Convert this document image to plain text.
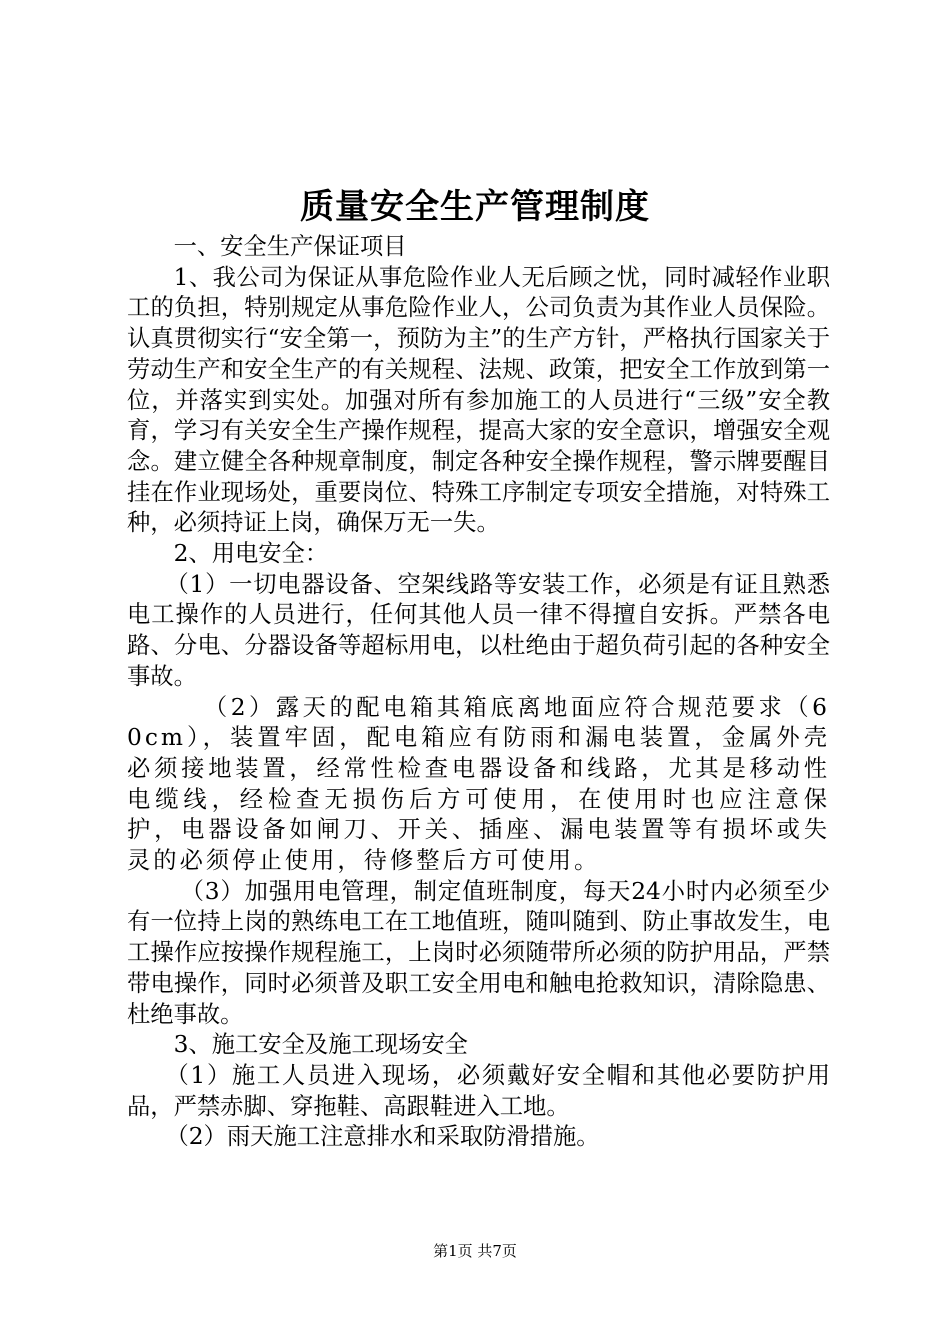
质量安全生产管理制度

一、安全生产保证项目

1、我公司为保证从事危险作业人无后顾之忧，同时减轻作业职工的负担，特别规定从事危险作业人，公司负责为其作业人员保险。认真贯彻实行“安全第一，预防为主”的生产方针，严格执行国家关于劳动生产和安全生产的有关规程、法规、政策，把安全工作放到第一位，并落实到实处。加强对所有参加施工的人员进行“三级”安全教育，学习有关安全生产操作规程，提高大家的安全意识，增强安全观念。建立健全各种规章制度，制定各种安全操作规程，警示牌要醒目挂在作业现场处，重要岗位、特殊工序制定专项安全措施，对特殊工种，必须持证上岗，确保万无一失。

2、用电安全：

（1）一切电器设备、空架线路等安装工作，必须是有证且熟悉电工操作的人员进行，任何其他人员一律不得擅自安拆。严禁各电路、分电、分器设备等超标用电，以杜绝由于超负荷引起的各种安全事故。

（2）露天的配电箱其箱底离地面应符合规范要求（60cm），装置牢固，配电箱应有防雨和漏电装置，金属外壳必须接地装置，经常性检查电器设备和线路，尤其是移动性电缆线，经检查无损伤后方可使用，在使用时也应注意保护，电器设备如闸刀、开关、插座、漏电装置等有损坏或失灵的必须停止使用，待修整后方可使用。

（3）加强用电管理，制定值班制度，每天24小时内必须至少有一位持上岗的熟练电工在工地值班，随叫随到、防止事故发生，电工操作应按操作规程施工，上岗时必须随带所必须的防护用品，严禁带电操作，同时必须普及职工安全用电和触电抢救知识，清除隐患、杜绝事故。

3、施工安全及施工现场安全

（1）施工人员进入现场，必须戴好安全帽和其他必要防护用品，严禁赤脚、穿拖鞋、高跟鞋进入工地。

（2）雨天施工注意排水和采取防滑措施。

第1页 共7页
